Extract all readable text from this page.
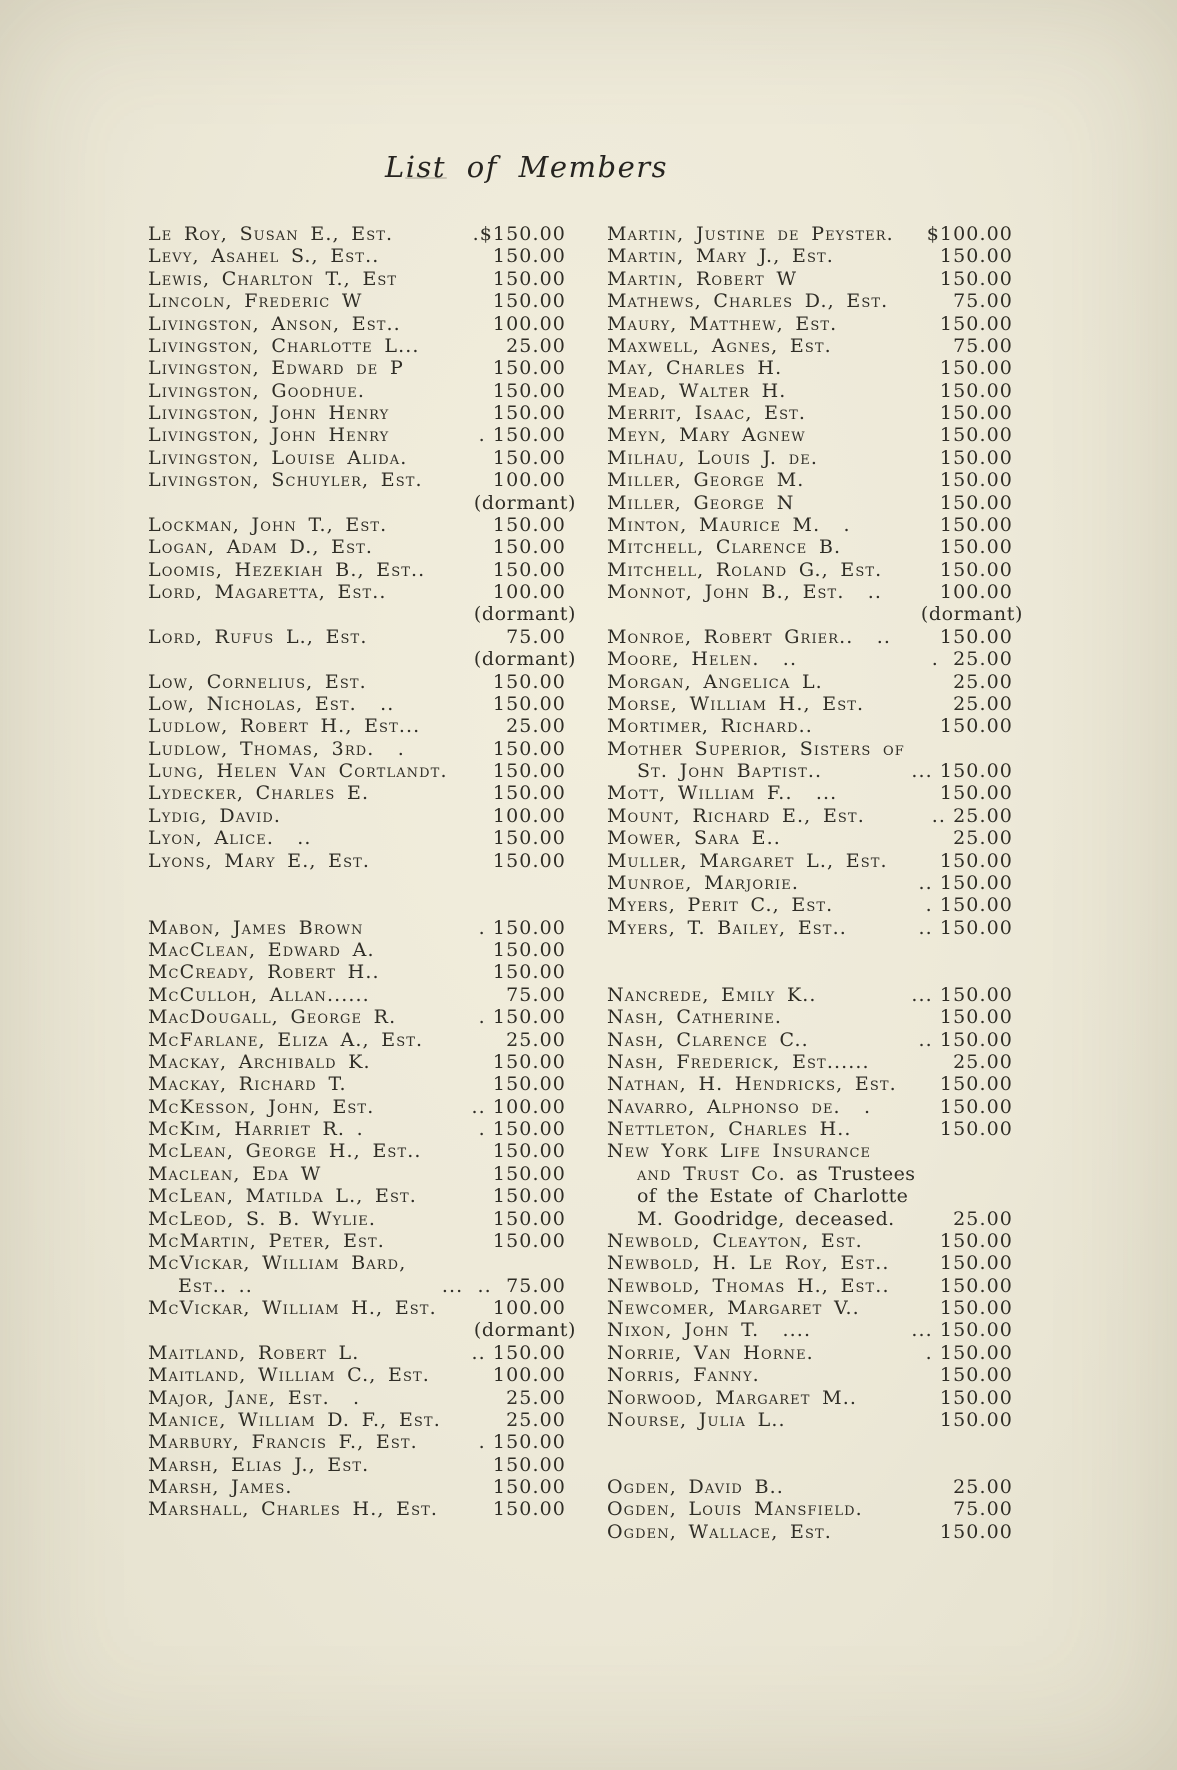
List of Members
Le Roy, Susan E., Est.	.$150.00
Levy, Asahel S., Est..	150.00
Lewis, Charlton T., Est	150.00
Lincoln, Frederic W	150.00
Livingston, Anson, Est..	100.00
Livingston, Charlotte L...	25.00
Livingston, Edward de P	150.00
Livingston, Goodhue.	150.00
Livingston, John Henry	150.00
Livingston, John Henry	. 150.00
Livingston, Louise Alida.	150.00
Livingston, Schuyler, Est.	100.00
(dormant)
Lockman, John T., Est.	150.00
Logan, Adam D., Est.	150.00
Loomis, Hezekiah B., Est..	150.00
Lord, Magaretta, Est..	100.00
(dormant)
Lord, Rufus L., Est.	75.00
(dormant)
Low, Cornelius, Est.	150.00
Low, Nicholas, Est.  ..	150.00
Ludlow, Robert H., Est...	25.00
Ludlow, Thomas, 3rd.  .	150.00
Lung, Helen Van Cortlandt. 150.00
Lydecker, Charles E.	150.00
Lydig, David.	100.00
Lyon, Alice.  ..	150.00
Lyons, Mary E., Est.	150.00
Mabon, James Brown	. 150.00
MacClean, Edward A.	150.00
McCready, Robert H..	150.00
McCulloh, Allan......	75.00
MacDougall, George R.	. 150.00
McFarlane, Eliza A., Est.	25.00
Mackay, Archibald K.	150.00
Mackay, Richard T.	150.00
McKesson, John, Est.	.. 100.00
McKim, Harriet R. .	. 150.00
McLean, George H., Est..	150.00
Maclean, Eda W	150.00
McLean, Matilda L., Est.	150.00
McLeod, S. B. Wylie.	150.00
McMartin, Peter, Est.	150.00
McVickar, William Bard,
Est.. ..	...  ..  75.00
McVickar, William H., Est.	100.00
(dormant)
Maitland, Robert L.	.. 150.00
Maitland, William C., Est.	100.00
Major, Jane, Est.  .	25.00
Manice, William D. F., Est.	25.00
Marbury, Francis F., Est.	. 150.00
Marsh, Elias J., Est.	150.00
Marsh, James.	150.00
Marshall, Charles H., Est.	150.00
Martin, Justine de Peyster. $100.00
Martin, Mary J., Est.	150.00
Martin, Robert W	150.00
Mathews, Charles D., Est.	75.00
Maury, Matthew, Est.	150.00
Maxwell, Agnes, Est.	75.00
May, Charles H.	150.00
Mead, Walter H.	150.00
Merrit, Isaac, Est.	150.00
Meyn, Mary Agnew	150.00
Milhau, Louis J. de.	150.00
Miller, George M.	150.00
Miller, George N	150.00
Minton, Maurice M.  .	150.00
Mitchell, Clarence B.	150.00
Mitchell, Roland G., Est.	150.00
Monnot, John B., Est.  ..	100.00
(dormant)
Monroe, Robert Grier..  ..	150.00
Moore, Helen.  ..	.  25.00
Morgan, Angelica L.	25.00
Morse, William H., Est.	25.00
Mortimer, Richard..	150.00
Mother Superior, Sisters of
St. John Baptist..	... 150.00
Mott, William F..  ...	150.00
Mount, Richard E., Est.	.. 25.00
Mower, Sara E..	25.00
Muller, Margaret L., Est.	150.00
Munroe, Marjorie.	.. 150.00
Myers, Perit C., Est.	. 150.00
Myers, T. Bailey, Est..	.. 150.00
Nancrede, Emily K..	... 150.00
Nash, Catherine.	150.00
Nash, Clarence C..	.. 150.00
Nash, Frederick, Est......	25.00
Nathan, H. Hendricks, Est. 150.00
Navarro, Alphonso de.  .	150.00
Nettleton, Charles H..	150.00
New York Life Insurance
and Trust Co. as Trustees
of the Estate of Charlotte
M. Goodridge, deceased.	25.00
Newbold, Cleayton, Est.	150.00
Newbold, H. Le Roy, Est..	150.00
Newbold, Thomas H., Est..	150.00
Newcomer, Margaret V..	150.00
Nixon, John T.  ....	... 150.00
Norrie, Van Horne.	. 150.00
Norris, Fanny.	150.00
Norwood, Margaret M..	150.00
Nourse, Julia L..	150.00
Ogden, David B..	25.00
Ogden, Louis Mansfield.	75.00
Ogden, Wallace, Est.	150.00
